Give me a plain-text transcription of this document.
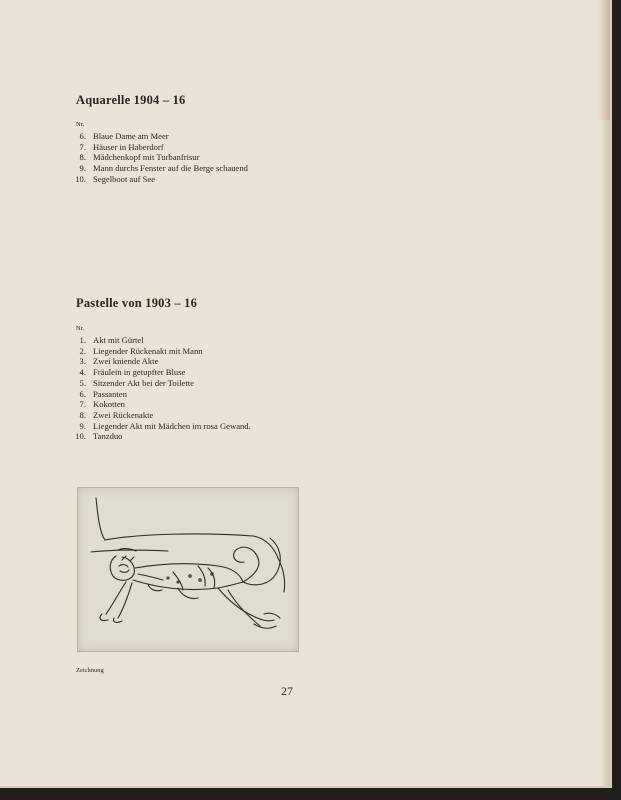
Aquarelle 1904 – 16
Nr.
6. Blaue Dame am Meer
7. Häuser in Haberdorf
8. Mädchenkopf mit Turbanfrisur
9. Mann durchs Fenster auf die Berge schauend
10. Segelboot auf See
Pastelle von 1903 – 16
Nr.
1. Akt mit Gürtel
2. Liegender Rückenakt mit Mann
3. Zwei kniende Akte
4. Fräulein in getupfter Bluse
5. Sitzender Akt bei der Toilette
6. Passanten
7. Kokotten
8. Zwei Rückenakte
9. Liegender Akt mit Mädchen im rosa Gewand.
10. Tanzduo
Zeichnung
27
